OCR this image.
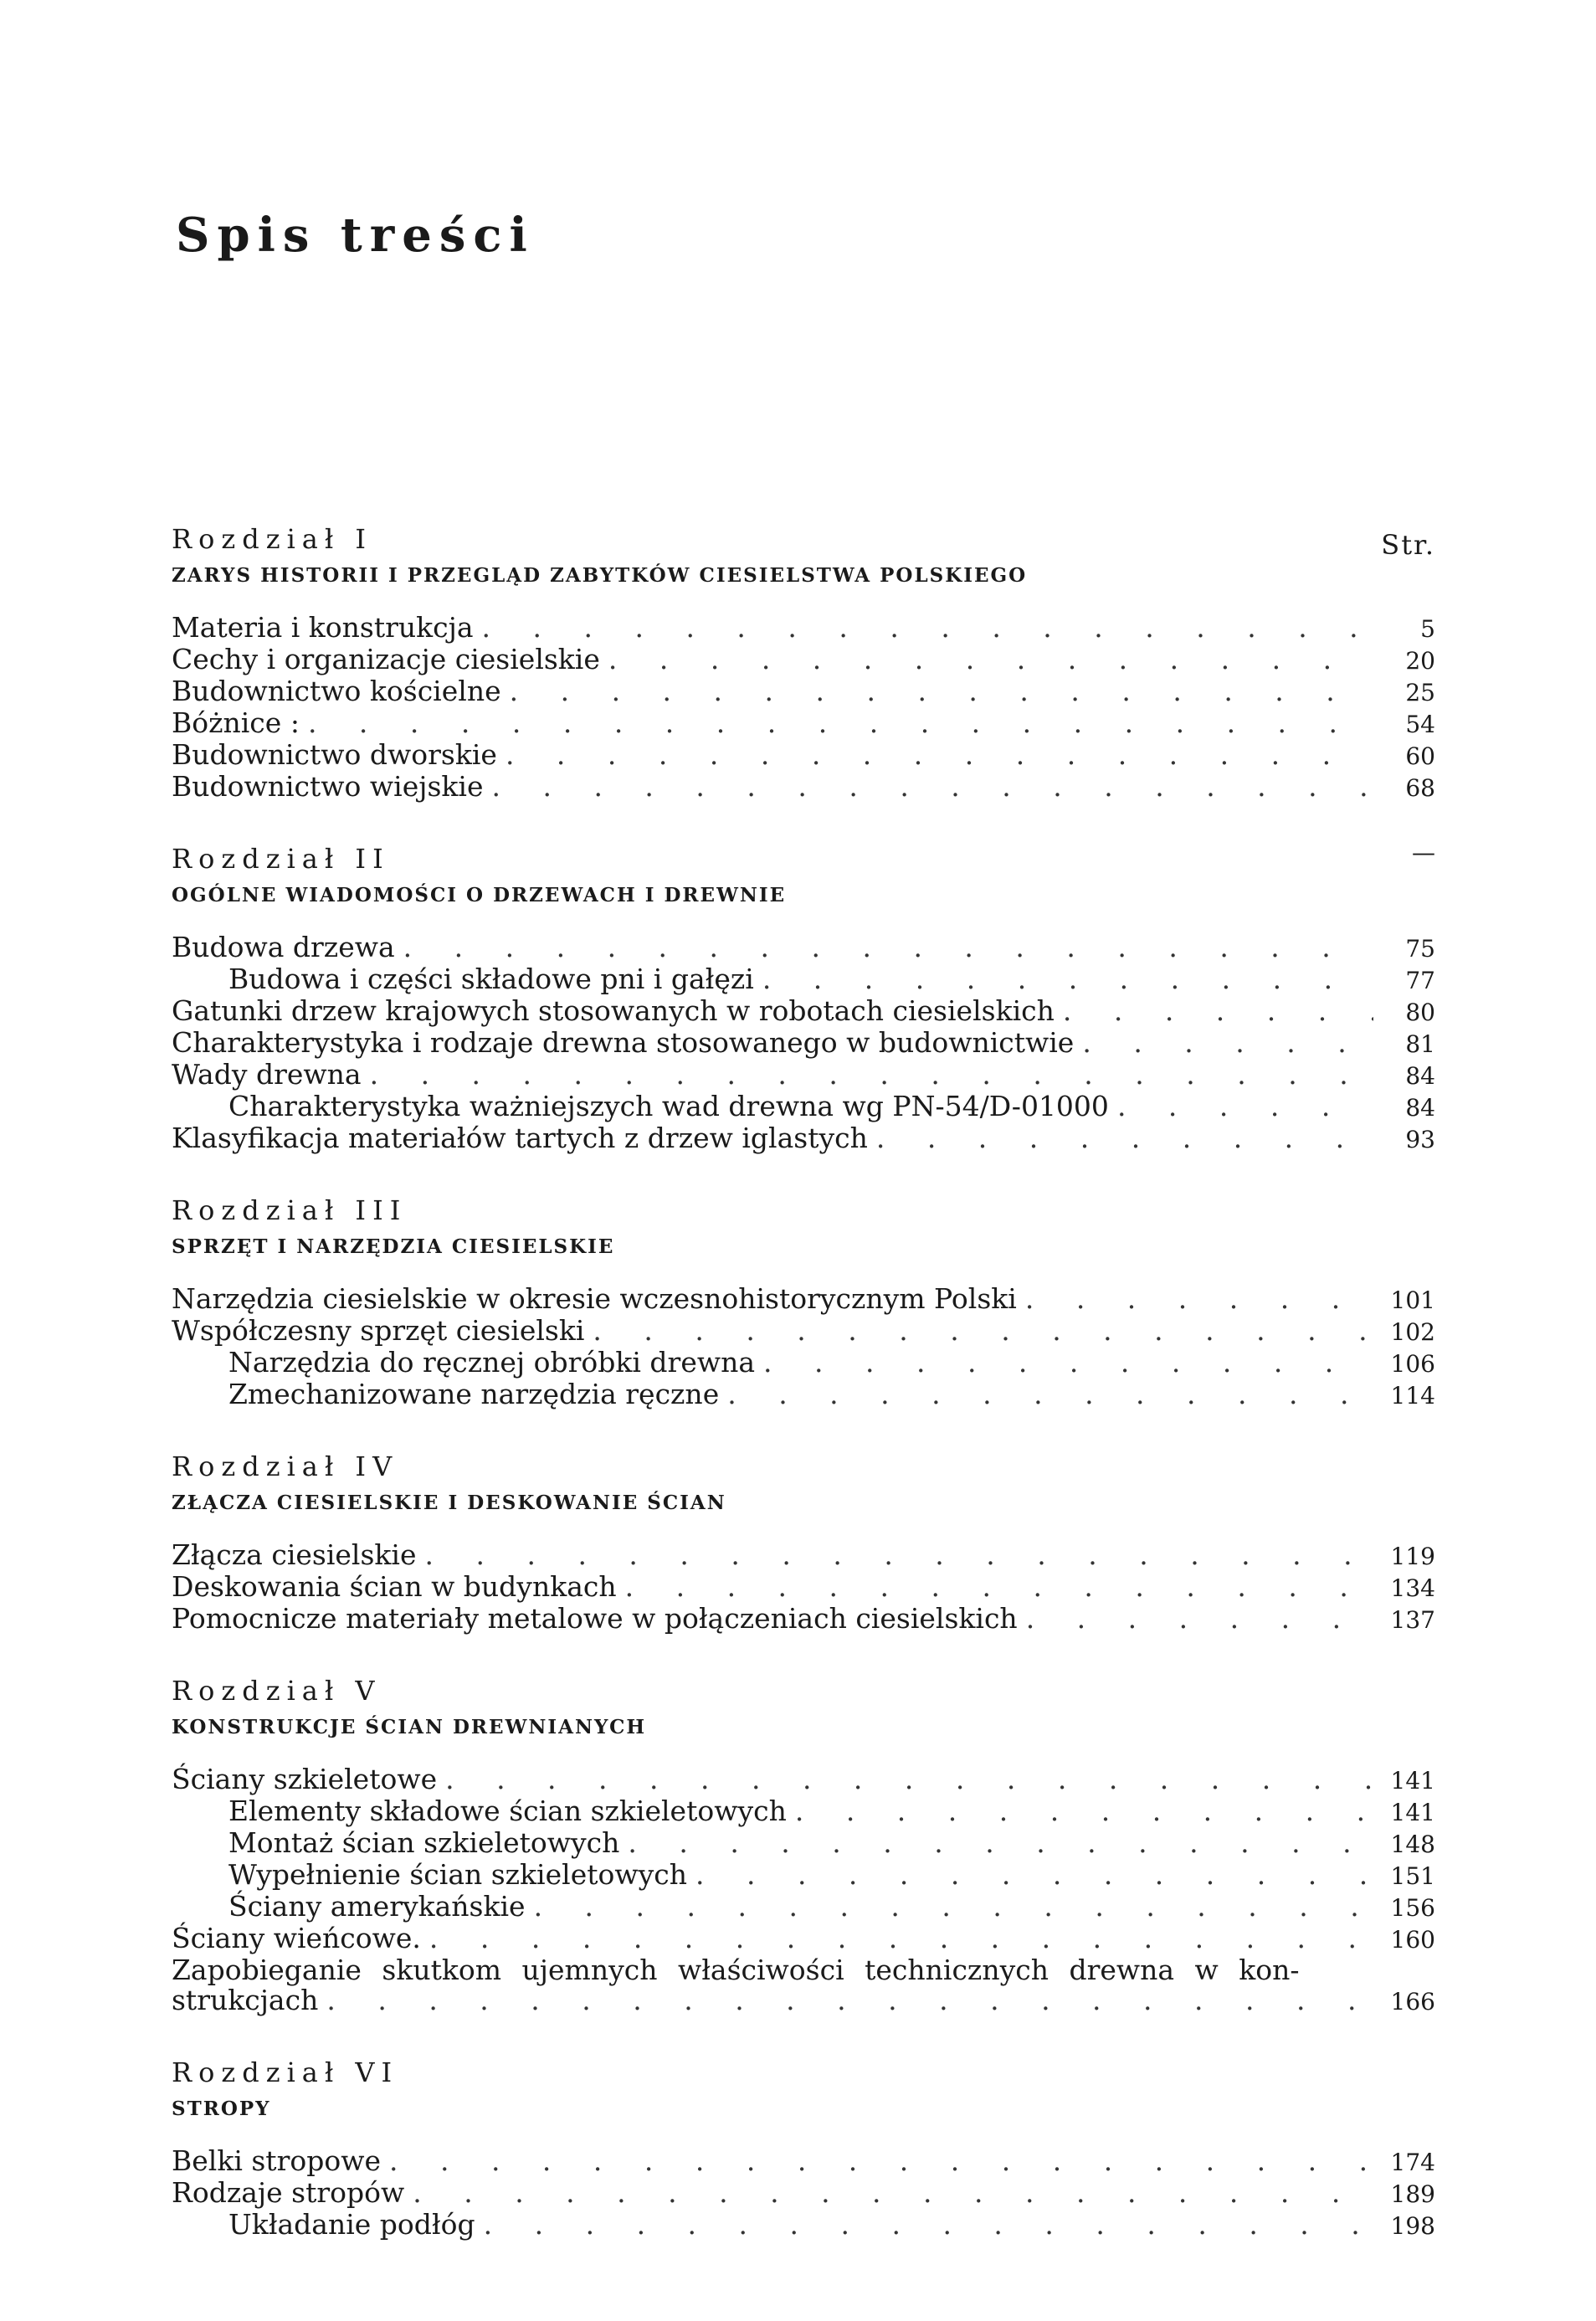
Spis treści
Str.
Rozdział I
ZARYS HISTORII I PRZEGLĄD ZABYTKÓW CIESIELSTWA POLSKIEGO
Materia i konstrukcja . . .	5
Cechy i organizacje ciesielskie . . .	20
Budownictwo kościelne . . .	25
Bóżnice : . . .	54
Budownictwo dworskie . . .	60
Budownictwo wiejskie . . .	68
Rozdział II	—
OGÓLNE WIADOMOŚCI O DRZEWACH I DREWNIE
Budowa drzewa . . .	75
Budowa i części składowe pni i gałęzi . . .	77
Gatunki drzew krajowych stosowanych w robotach ciesielskich . . .	80
Charakterystyka i rodzaje drewna stosowanego w budownictwie . . .	81
Wady drewna . . .	84
Charakterystyka ważniejszych wad drewna wg PN-54/D-01000 . . .	84
Klasyfikacja materiałów tartych z drzew iglastych . . .	93
Rozdział III
SPRZĘT I NARZĘDZIA CIESIELSKIE
Narzędzia ciesielskie w okresie wczesnohistorycznym Polski . . .	101
Współczesny sprzęt ciesielski . . .	102
Narzędzia do ręcznej obróbki drewna . . .	106
Zmechanizowane narzędzia ręczne . . .	114
Rozdział IV
ZŁĄCZA CIESIELSKIE I DESKOWANIE ŚCIAN
Złącza ciesielskie . . .	119
Deskowania ścian w budynkach . . .	134
Pomocnicze materiały metalowe w połączeniach ciesielskich . . .	137
Rozdział V
KONSTRUKCJE ŚCIAN DREWNIANYCH
Ściany szkieletowe . . .	141
Elementy składowe ścian szkieletowych . . .	141
Montaż ścian szkieletowych . . .	148
Wypełnienie ścian szkieletowych . . .	151
Ściany amerykańskie . . .	156
Ściany wieńcowe. . . .	160
Zapobieganie skutkom ujemnych właściwości technicznych drewna w kon-
strukcjach . . .	166
Rozdział VI
STROPY
Belki stropowe . . .	174
Rodzaje stropów . . .	189
Układanie podłóg . . .	198
